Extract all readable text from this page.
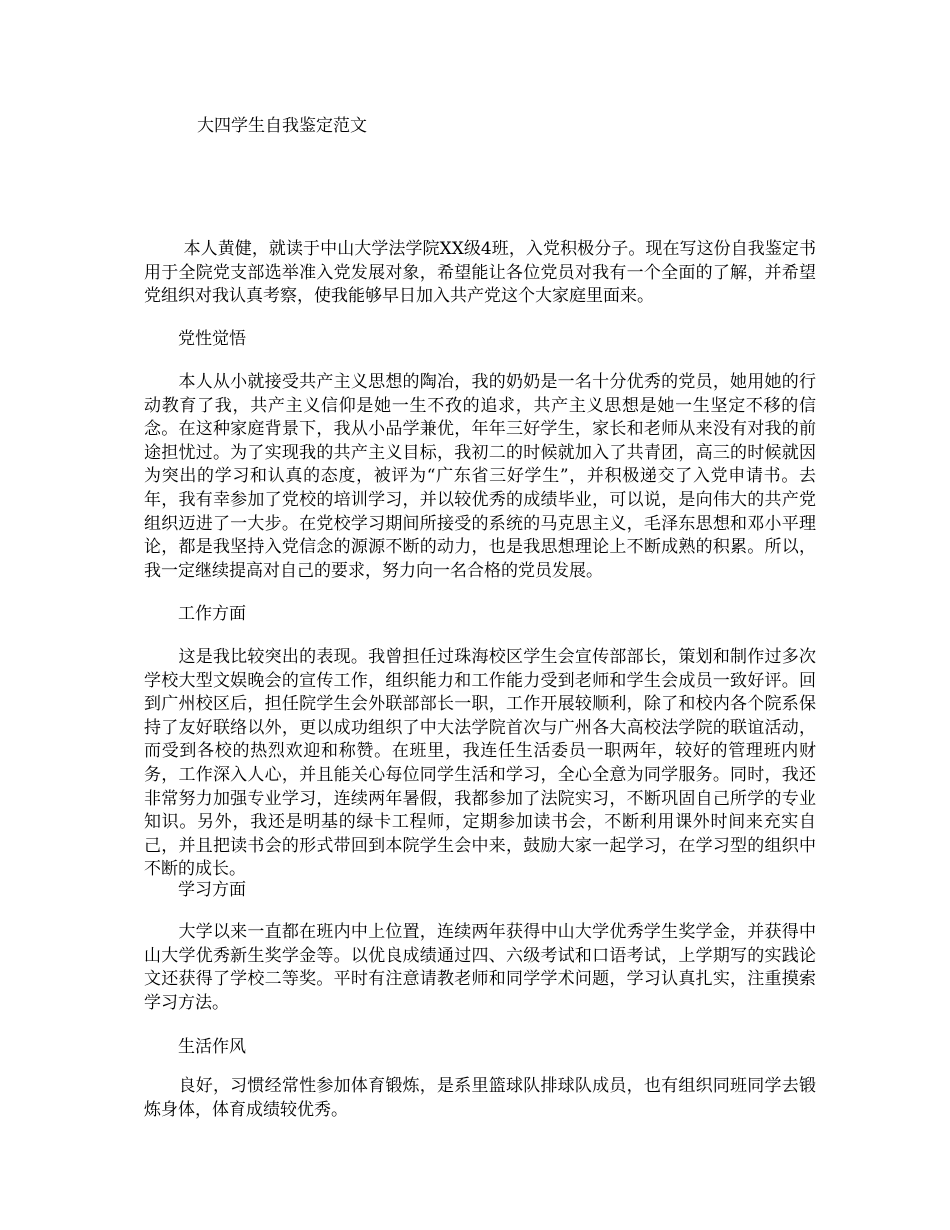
大四学生自我鉴定范文

　　 本人黄健，就读于中山大学法学院XX级4班，入党积极分子。现在写这份自我鉴定书用于全院党支部选举准入党发展对象，希望能让各位党员对我有一个全面的了解，并希望党组织对我认真考察，使我能够早日加入共产党这个大家庭里面来。

党性觉悟

　　本人从小就接受共产主义思想的陶冶，我的奶奶是一名十分优秀的党员，她用她的行动教育了我，共产主义信仰是她一生不孜的追求，共产主义思想是她一生坚定不移的信念。在这种家庭背景下，我从小品学兼优，年年三好学生，家长和老师从来没有对我的前途担忧过。为了实现我的共产主义目标，我初二的时候就加入了共青团，高三的时候就因为突出的学习和认真的态度，被评为“广东省三好学生”，并积极递交了入党申请书。去年，我有幸参加了党校的培训学习，并以较优秀的成绩毕业，可以说，是向伟大的共产党组织迈进了一大步。在党校学习期间所接受的系统的马克思主义，毛泽东思想和邓小平理论，都是我坚持入党信念的源源不断的动力，也是我思想理论上不断成熟的积累。所以，我一定继续提高对自己的要求，努力向一名合格的党员发展。

工作方面

　　这是我比较突出的表现。我曾担任过珠海校区学生会宣传部部长，策划和制作过多次学校大型文娱晚会的宣传工作，组织能力和工作能力受到老师和学生会成员一致好评。回到广州校区后，担任院学生会外联部部长一职，工作开展较顺利，除了和校内各个院系保持了友好联络以外，更以成功组织了中大法学院首次与广州各大高校法学院的联谊活动，而受到各校的热烈欢迎和称赞。在班里，我连任生活委员一职两年，较好的管理班内财务，工作深入人心，并且能关心每位同学生活和学习，全心全意为同学服务。同时，我还非常努力加强专业学习，连续两年暑假，我都参加了法院实习，不断巩固自己所学的专业知识。另外，我还是明基的绿卡工程师，定期参加读书会，不断利用课外时间来充实自己，并且把读书会的形式带回到本院学生会中来，鼓励大家一起学习，在学习型的组织中不断的成长。

学习方面

　　大学以来一直都在班内中上位置，连续两年获得中山大学优秀学生奖学金，并获得中山大学优秀新生奖学金等。以优良成绩通过四、六级考试和口语考试，上学期写的实践论文还获得了学校二等奖。平时有注意请教老师和同学学术问题，学习认真扎实，注重摸索学习方法。

生活作风

　　良好，习惯经常性参加体育锻炼，是系里篮球队排球队成员，也有组织同班同学去锻炼身体，体育成绩较优秀。
